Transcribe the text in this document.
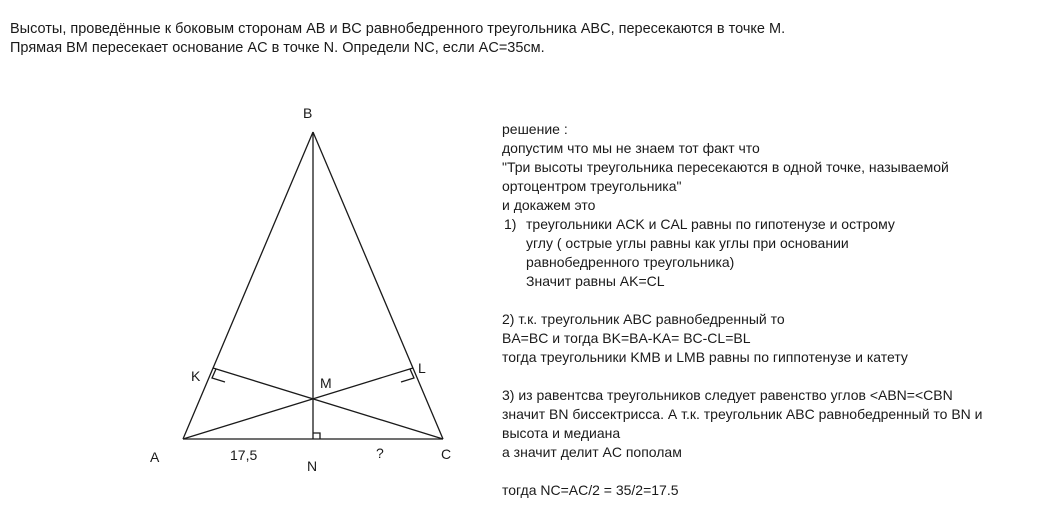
Высоты, проведённые к боковым сторонам AB и BC равнобедренного треугольника ABC, пересекаются в точке M.
Прямая BM пересекает основание AC в точке N. Определи NC, если AC=35см.
B
K	L
M
A	C
N
17,5	?
решение :
допустим что мы не знаем тот факт что
"Три высоты треугольника пересекаются в одной точке, называемой
ортоцентром треугольника"
и докажем это
1) треугольники ACK и CAL равны по гипотенузе и острому
углу ( острые углы равны как углы при основании
равнобедренного треугольника)
Значит равны AK=CL
2) т.к. треугольник ABC равнобедренный то
BA=BC и тогда BK=BA-KA= BC-CL=BL
тогда треугольники KMB и LMB равны по гиппотенузе и катету
3) из равентсва треугольников следует равенство углов <ABN=<CBN
значит BN биссектрисса. А т.к. треугольник ABC равнобедренный то BN и
высота и медиана
а значит делит AC пополам
тогда NC=AC/2 = 35/2=17.5
